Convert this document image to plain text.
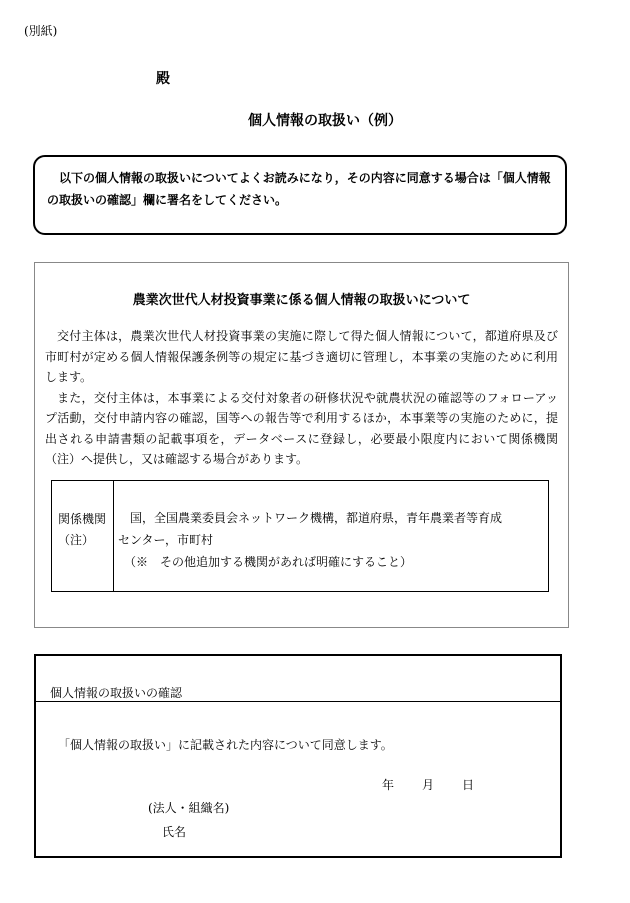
(別紙)
殿
個人情報の取扱い（例）
以下の個人情報の取扱いについてよくお読みになり，その内容に同意する場合は「個人情報
の取扱いの確認」欄に署名をしてください。
農業次世代人材投資事業に係る個人情報の取扱いについて

交付主体は，農業次世代人材投資事業の実施に際して得た個人情報について，都道府県及び市町村が定める個人情報保護条例等の規定に基づき適切に管理し，本事業の実施のために利用します。

また，交付主体は，本事業による交付対象者の研修状況や就農状況の確認等のフォローアップ活動，交付申請内容の確認，国等への報告等で利用するほか，本事業等の実施のために，提出される申請書類の記載事項を，データベースに登録し，必要最小限度内において関係機関（注）へ提供し，又は確認する場合があります。

関係機関
（注）
国，全国農業委員会ネットワーク機構，都道府県，青年農業者等育成
センター，市町村
（※　その他追加する機関があれば明確にすること）
個人情報の取扱いの確認
「個人情報の取扱い」に記載された内容について同意します。
年 月 日
(法人・組織名)
氏名
